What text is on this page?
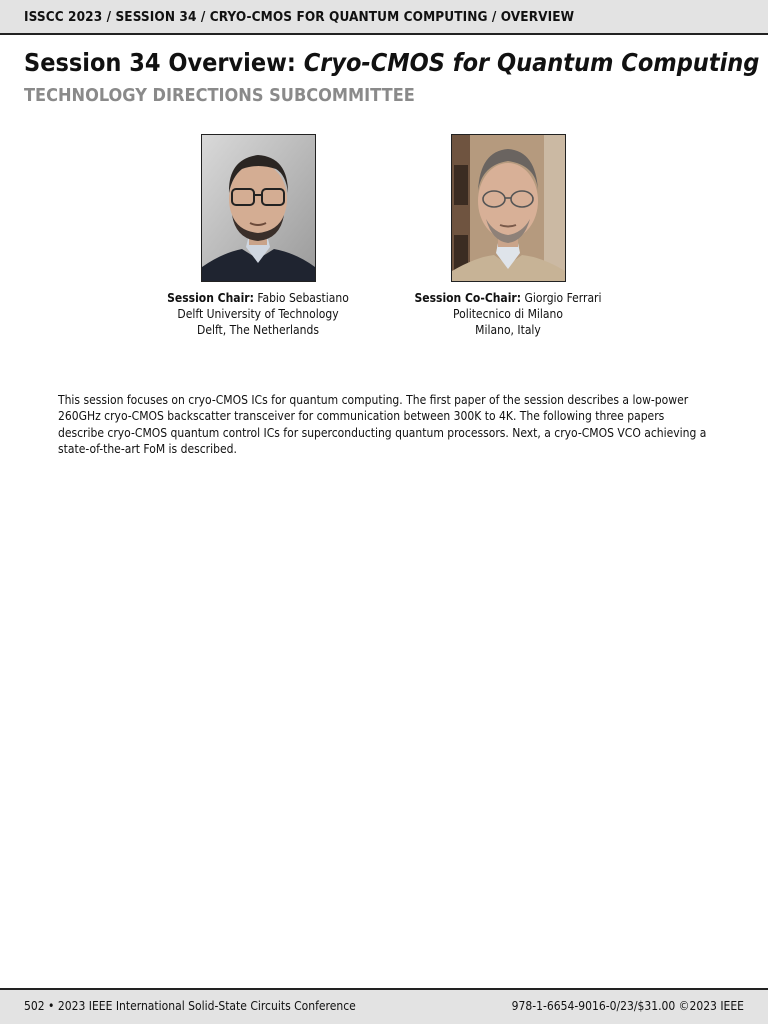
ISSCC 2023 / SESSION 34 / CRYO-CMOS FOR QUANTUM COMPUTING / OVERVIEW
Session 34 Overview: Cryo-CMOS for Quantum Computing
TECHNOLOGY DIRECTIONS SUBCOMMITTEE
Session Chair: Fabio Sebastiano
Delft University of Technology
Delft, The Netherlands
Session Co-Chair: Giorgio Ferrari
Politecnico di Milano
Milano, Italy
This session focuses on cryo-CMOS ICs for quantum computing. The first paper of the session describes a low-power 260GHz cryo-CMOS backscatter transceiver for communication between 300K to 4K. The following three papers describe cryo-CMOS quantum control ICs for superconducting quantum processors. Next, a cryo-CMOS VCO achieving a state-of-the-art FoM is described.
502 • 2023 IEEE International Solid-State Circuits Conference	978-1-6654-9016-0/23/$31.00 ©2023 IEEE
